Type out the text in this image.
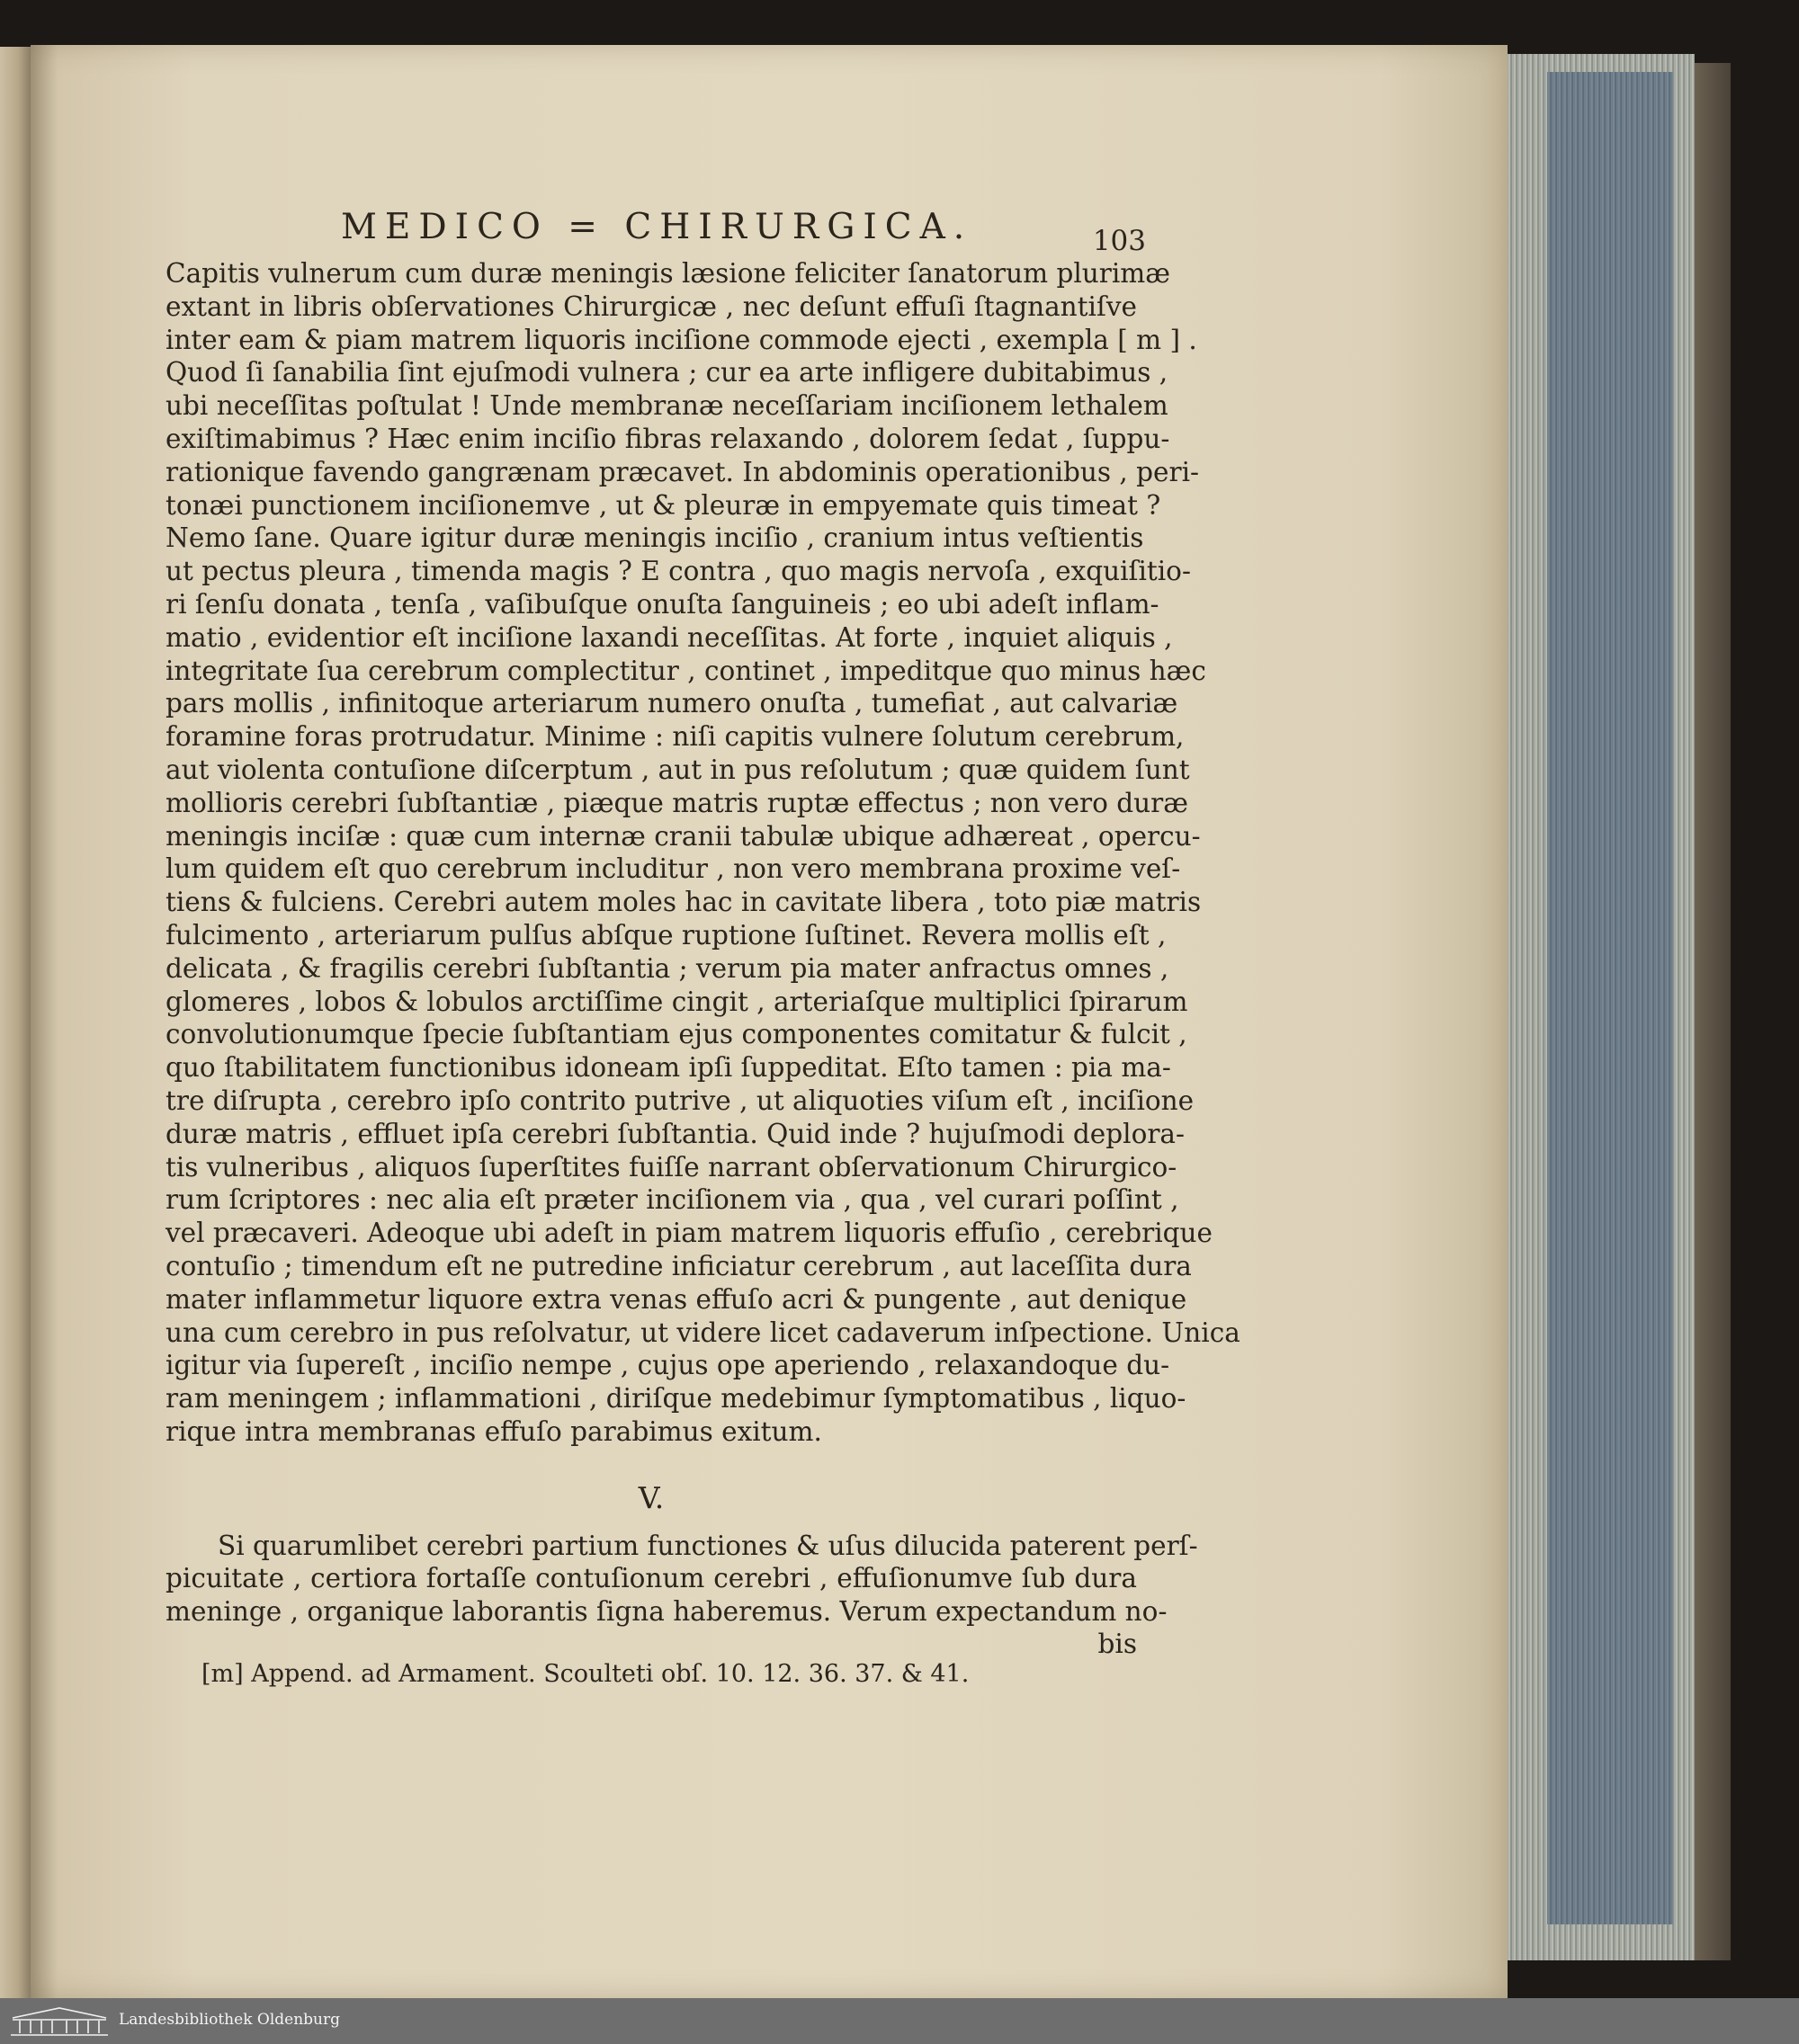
MEDICO = CHIRURGICA.	103
Capitis vulnerum cum duræ meningis læsione feliciter ſanatorum plurimæ
extant in libris obſervationes Chirurgicæ , nec deſunt effuſi ſtagnantiſve
inter eam & piam matrem liquoris inciſione commode ejecti , exempla [ m ] .
Quod ſi ſanabilia ſint ejuſmodi vulnera ; cur ea arte infligere dubitabimus ,
ubi neceſſitas poſtulat ! Unde membranæ neceſſariam inciſionem lethalem
exiſtimabimus ? Hæc enim inciſio fibras relaxando , dolorem ſedat , ſuppu-
rationique favendo gangrænam præcavet. In abdominis operationibus , peri-
tonæi punctionem inciſionemve , ut & pleuræ in empyemate quis timeat ?
Nemo ſane. Quare igitur duræ meningis inciſio , cranium intus veſtientis
ut pectus pleura , timenda magis ? E contra , quo magis nervoſa , exquiſitio-
ri ſenſu donata , tenſa , vaſibuſque onuſta ſanguineis ; eo ubi adeſt inflam-
matio , evidentior eſt inciſione laxandi neceſſitas. At forte , inquiet aliquis ,
integritate ſua cerebrum complectitur , continet , impeditque quo minus hæc
pars mollis , infinitoque arteriarum numero onuſta , tumefiat , aut calvariæ
foramine foras protrudatur. Minime : niſi capitis vulnere ſolutum cerebrum,
aut violenta contuſione diſcerptum , aut in pus reſolutum ; quæ quidem ſunt
mollioris cerebri ſubſtantiæ , piæque matris ruptæ effectus ; non vero duræ
meningis inciſæ : quæ cum internæ cranii tabulæ ubique adhæreat , opercu-
lum quidem eſt quo cerebrum includitur , non vero membrana proxime veſ-
tiens & fulciens. Cerebri autem moles hac in cavitate libera , toto piæ matris
fulcimento , arteriarum pulſus abſque ruptione ſuſtinet. Revera mollis eſt ,
delicata , & fragilis cerebri ſubſtantia ; verum pia mater anfractus omnes ,
glomeres , lobos & lobulos arctiſſime cingit , arteriaſque multiplici ſpirarum
convolutionumque ſpecie ſubſtantiam ejus componentes comitatur & fulcit ,
quo ſtabilitatem functionibus idoneam ipſi ſuppeditat. Eſto tamen : pia ma-
tre diſrupta , cerebro ipſo contrito putrive , ut aliquoties viſum eſt , inciſione
duræ matris , effluet ipſa cerebri ſubſtantia. Quid inde ? hujuſmodi deplora-
tis vulneribus , aliquos ſuperſtites fuiſſe narrant obſervationum Chirurgico-
rum ſcriptores : nec alia eſt præter inciſionem via , qua , vel curari poſſint ,
vel præcaveri. Adeoque ubi adeſt in piam matrem liquoris effuſio , cerebrique
contuſio ; timendum eſt ne putredine inficiatur cerebrum , aut laceſſita dura
mater inflammetur liquore extra venas effuſo acri & pungente , aut denique
una cum cerebro in pus reſolvatur, ut videre licet cadaverum inſpectione. Unica
igitur via ſupereſt , inciſio nempe , cujus ope aperiendo , relaxandoque du-
ram meningem ; inflammationi , diriſque medebimur ſymptomatibus , liquo-
rique intra membranas effuſo parabimus exitum.
V.
Si quarumlibet cerebri partium functiones & uſus dilucida paterent perſ-
picuitate , certiora fortaſſe contuſionum cerebri , effuſionumve ſub dura
meninge , organique laborantis ſigna haberemus. Verum expectandum no-
bis
[m] Append. ad Armament. Scoulteti obſ. 10. 12. 36. 37. & 41.
Landesbibliothek Oldenburg
